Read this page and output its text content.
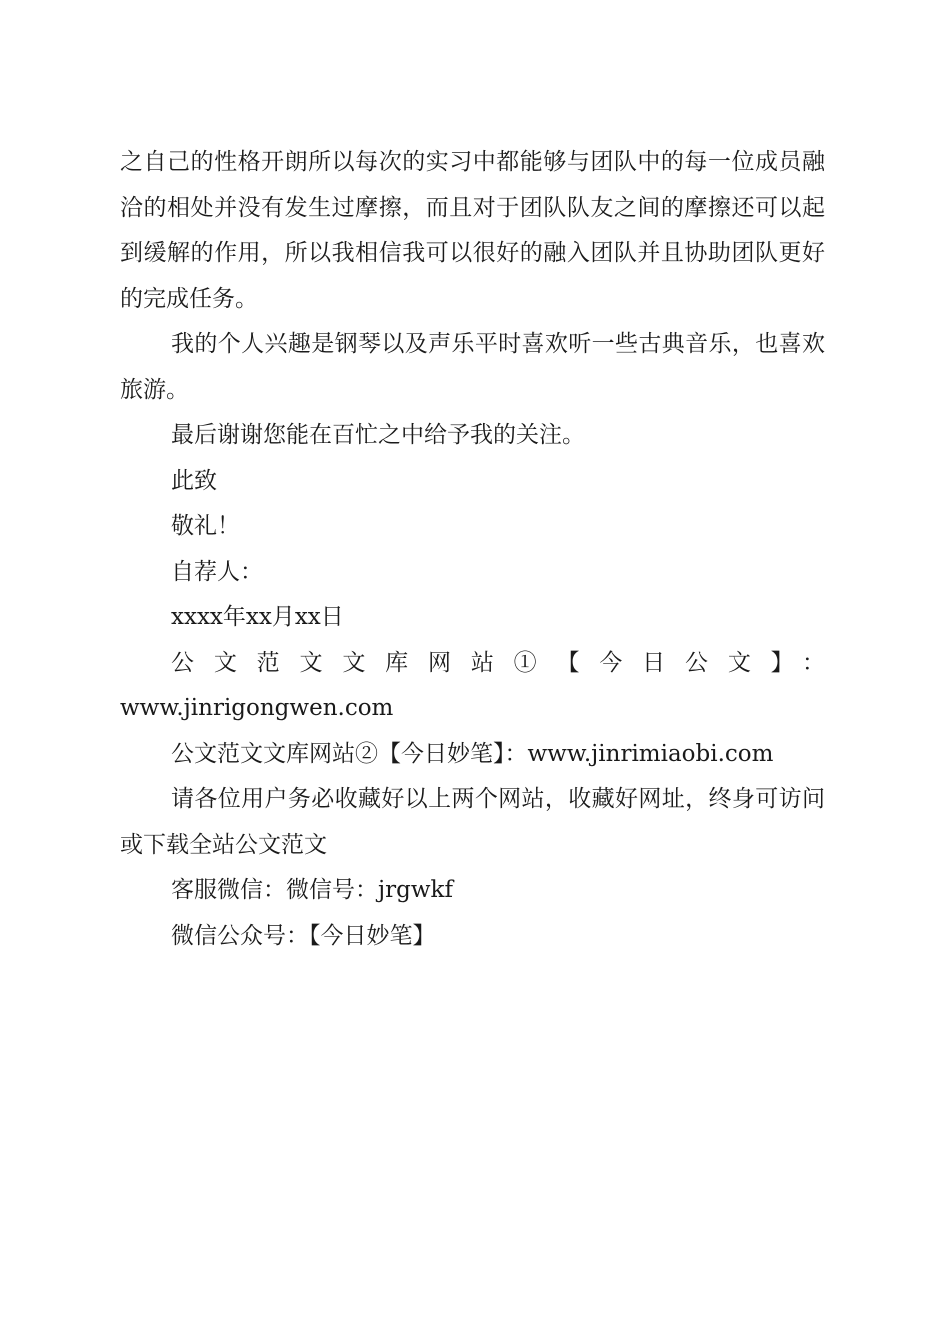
之自己的性格开朗所以每次的实习中都能够与团队中的每一位成员融洽的相处并没有发生过摩擦，而且对于团队队友之间的摩擦还可以起到缓解的作用，所以我相信我可以很好的融入团队并且协助团队更好的完成任务。

我的个人兴趣是钢琴以及声乐平时喜欢听一些古典音乐，也喜欢旅游。

最后谢谢您能在百忙之中给予我的关注。

此致

敬礼！

自荐人：

xxxx年xx月xx日

公文范文文库网站①【今日公文】：

www.jinrigongwen.com

公文范文文库网站②【今日妙笔】：www.jinrimiaobi.com

请各位用户务必收藏好以上两个网站，收藏好网址，终身可访问或下载全站公文范文

客服微信：微信号：jrgwkf

微信公众号：【今日妙笔】
